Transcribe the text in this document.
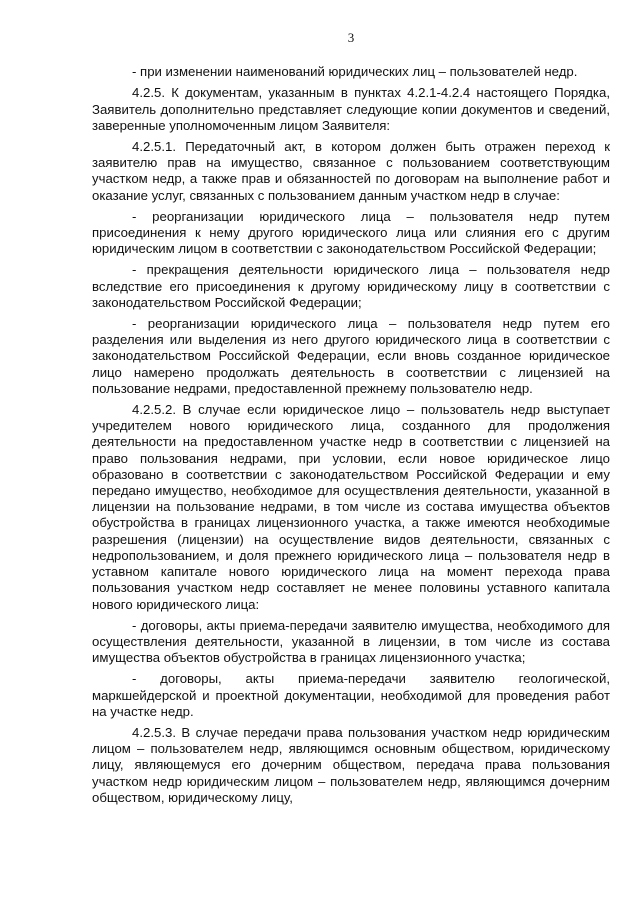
3

- при изменении наименований юридических лиц – пользователей недр.

4.2.5. К документам, указанным в пунктах 4.2.1-4.2.4 настоящего Порядка, Заявитель дополнительно представляет следующие копии документов и сведений, заверенные уполномоченным лицом Заявителя:

4.2.5.1. Передаточный акт, в котором должен быть отражен переход к заявителю прав на имущество, связанное с пользованием соответствующим участком недр, а также прав и обязанностей по договорам на выполнение работ и оказание услуг, связанных с пользованием данным участком недр в случае:

- реорганизации юридического лица – пользователя недр путем присоединения к нему другого юридического лица или слияния его с другим юридическим лицом в соответствии с законодательством Российской Федерации;

- прекращения деятельности юридического лица – пользователя недр вследствие его присоединения к другому юридическому лицу в соответствии с законодательством Российской Федерации;

- реорганизации юридического лица – пользователя недр путем его разделения или выделения из него другого юридического лица в соответствии с законодательством Российской Федерации, если вновь созданное юридическое лицо намерено продолжать деятельность в соответствии с лицензией на пользование недрами, предоставленной прежнему пользователю недр.

4.2.5.2. В случае если юридическое лицо – пользователь недр выступает учредителем нового юридического лица, созданного для продолжения деятельности на предоставленном участке недр в соответствии с лицензией на право пользования недрами, при условии, если новое юридическое лицо образовано в соответствии с законодательством Российской Федерации и ему передано имущество, необходимое для осуществления деятельности, указанной в лицензии на пользование недрами, в том числе из состава имущества объектов обустройства в границах лицензионного участка, а также имеются необходимые разрешения (лицензии) на осуществление видов деятельности, связанных с недропользованием, и доля прежнего юридического лица – пользователя недр в уставном капитале нового юридического лица на момент перехода права пользования участком недр составляет не менее половины уставного капитала нового юридического лица:

- договоры, акты приема-передачи заявителю имущества, необходимого для осуществления деятельности, указанной в лицензии, в том числе из состава имущества объектов обустройства в границах лицензионного участка;

- договоры, акты приема-передачи заявителю геологической, маркшейдерской и проектной документации, необходимой для проведения работ на участке недр.

4.2.5.3. В случае передачи права пользования участком недр юридическим лицом – пользователем недр, являющимся основным обществом, юридическому лицу, являющемуся его дочерним обществом, передача права пользования участком недр юридическим лицом – пользователем недр, являющимся дочерним обществом, юридическому лицу,
